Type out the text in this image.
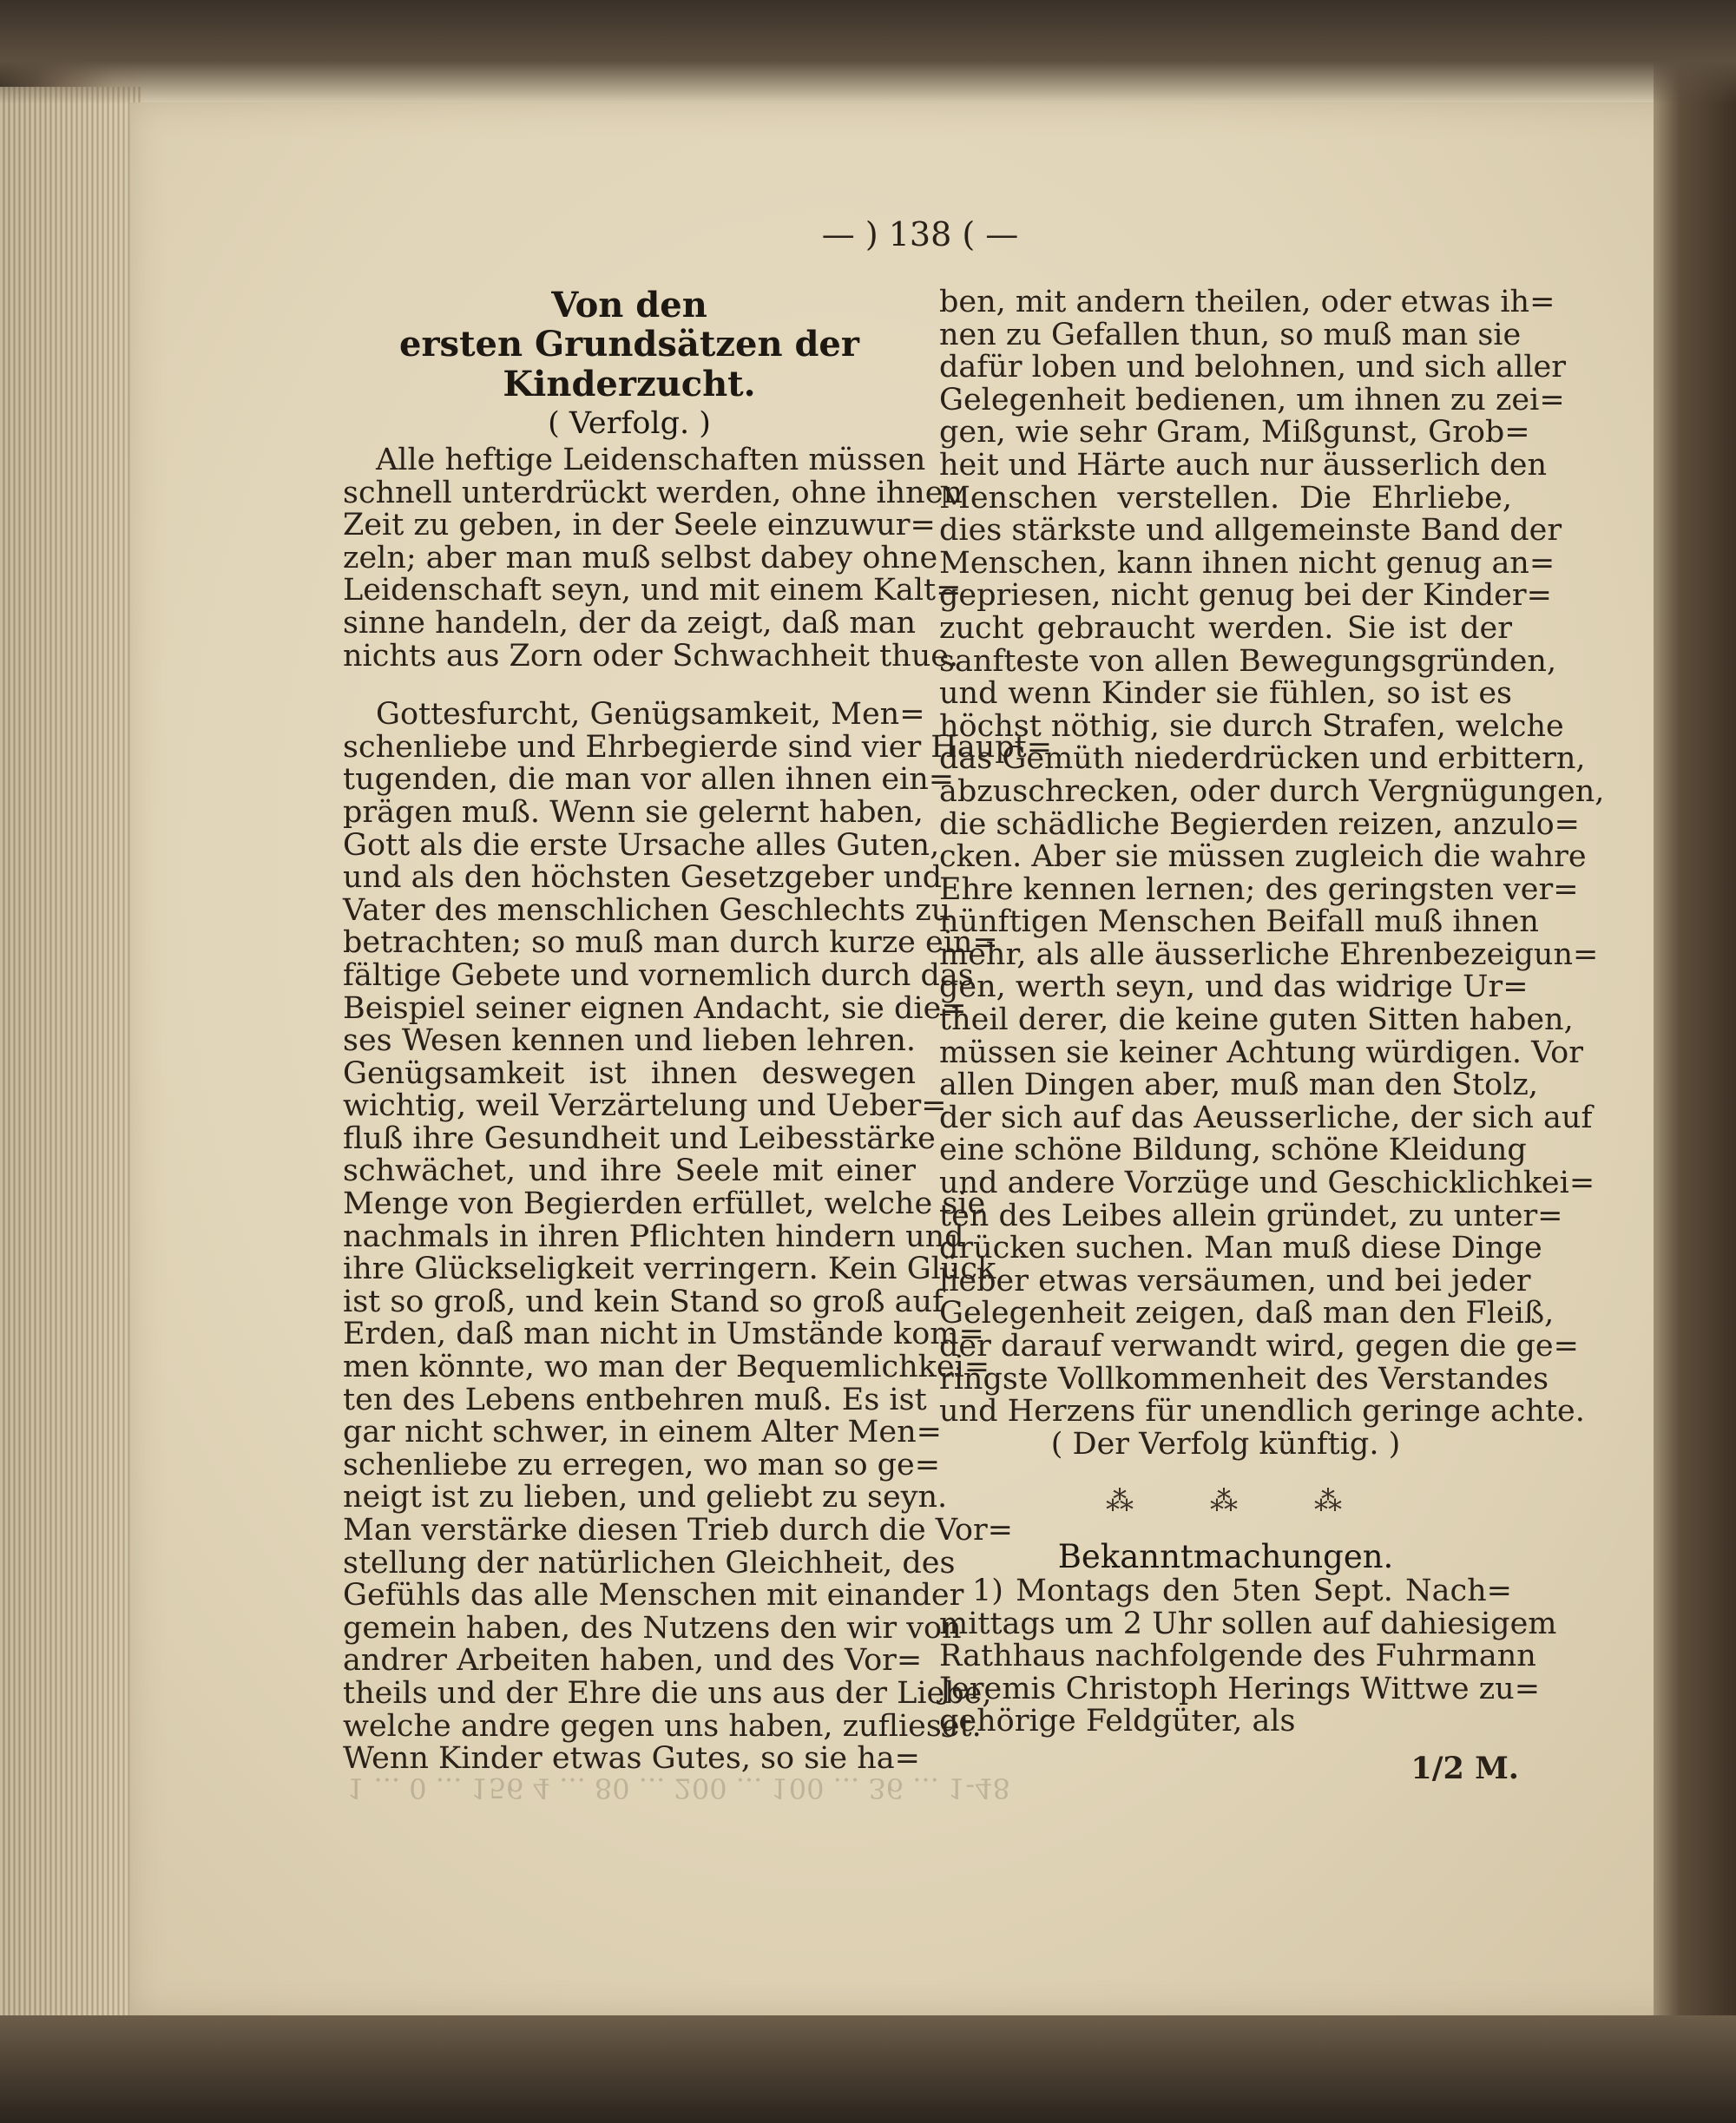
— ) 138 ( —
Von den
ersten Grundsätzen der Kinderzucht.
( Verfolg. )
Alle heftige Leidenschaften müssen
schnell unterdrückt werden, ohne ihnen
Zeit zu geben, in der Seele einzuwur=
zeln; aber man muß selbst dabey ohne
Leidenschaft seyn, und mit einem Kalt=
sinne handeln, der da zeigt, daß man
nichts aus Zorn oder Schwachheit thue.
Gottesfurcht, Genügsamkeit, Men=
schenliebe und Ehrbegierde sind vier Haupt=
tugenden, die man vor allen ihnen ein=
prägen muß. Wenn sie gelernt haben,
Gott als die erste Ursache alles Guten,
und als den höchsten Gesetzgeber und
Vater des menschlichen Geschlechts zu
betrachten; so muß man durch kurze ein=
fältige Gebete und vornemlich durch das
Beispiel seiner eignen Andacht, sie die=
ses Wesen kennen und lieben lehren.
Genügsamkeit ist ihnen deswegen
wichtig, weil Verzärtelung und Ueber=
fluß ihre Gesundheit und Leibesstärke
schwächet, und ihre Seele mit einer
Menge von Begierden erfüllet, welche sie
nachmals in ihren Pflichten hindern und
ihre Glückseligkeit verringern. Kein Glück
ist so groß, und kein Stand so groß auf
Erden, daß man nicht in Umstände kom=
men könnte, wo man der Bequemlichkei=
ten des Lebens entbehren muß. Es ist
gar nicht schwer, in einem Alter Men=
schenliebe zu erregen, wo man so ge=
neigt ist zu lieben, und geliebt zu seyn.
Man verstärke diesen Trieb durch die Vor=
stellung der natürlichen Gleichheit, des
Gefühls das alle Menschen mit einander
gemein haben, des Nutzens den wir von
andrer Arbeiten haben, und des Vor=
theils und der Ehre die uns aus der Liebe,
welche andre gegen uns haben, zuflieset.
Wenn Kinder etwas Gutes, so sie ha=
ben, mit andern theilen, oder etwas ih=
nen zu Gefallen thun, so muß man sie
dafür loben und belohnen, und sich aller
Gelegenheit bedienen, um ihnen zu zei=
gen, wie sehr Gram, Mißgunst, Grob=
heit und Härte auch nur äusserlich den
Menschen verstellen. Die Ehrliebe,
dies stärkste und allgemeinste Band der
Menschen, kann ihnen nicht genug an=
gepriesen, nicht genug bei der Kinder=
zucht gebraucht werden. Sie ist der
sanfteste von allen Bewegungsgründen,
und wenn Kinder sie fühlen, so ist es
höchst nöthig, sie durch Strafen, welche
das Gemüth niederdrücken und erbittern,
abzuschrecken, oder durch Vergnügungen,
die schädliche Begierden reizen, anzulo=
cken. Aber sie müssen zugleich die wahre
Ehre kennen lernen; des geringsten ver=
nünftigen Menschen Beifall muß ihnen
mehr, als alle äusserliche Ehrenbezeigun=
gen, werth seyn, und das widrige Ur=
theil derer, die keine guten Sitten haben,
müssen sie keiner Achtung würdigen. Vor
allen Dingen aber, muß man den Stolz,
der sich auf das Aeusserliche, der sich auf
eine schöne Bildung, schöne Kleidung
und andere Vorzüge und Geschicklichkei=
ten des Leibes allein gründet, zu unter=
drücken suchen. Man muß diese Dinge
lieber etwas versäumen, und bei jeder
Gelegenheit zeigen, daß man den Fleiß,
der darauf verwandt wird, gegen die ge=
ringste Vollkommenheit des Verstandes
und Herzens für unendlich geringe achte.
( Der Verfolg künftig. )
⁂	⁂	⁂
Bekanntmachungen.
1) Montags den 5ten Sept. Nach=
mittags um 2 Uhr sollen auf dahiesigem
Rathhaus nachfolgende des Fuhrmann
Jeremis Christoph Herings Wittwe zu=
gehörige Feldgüter, als
1/2 M.
1 ... 0 ... 156 4 ... 80 ... 200 ... 100 ... 36 ... 1-48
